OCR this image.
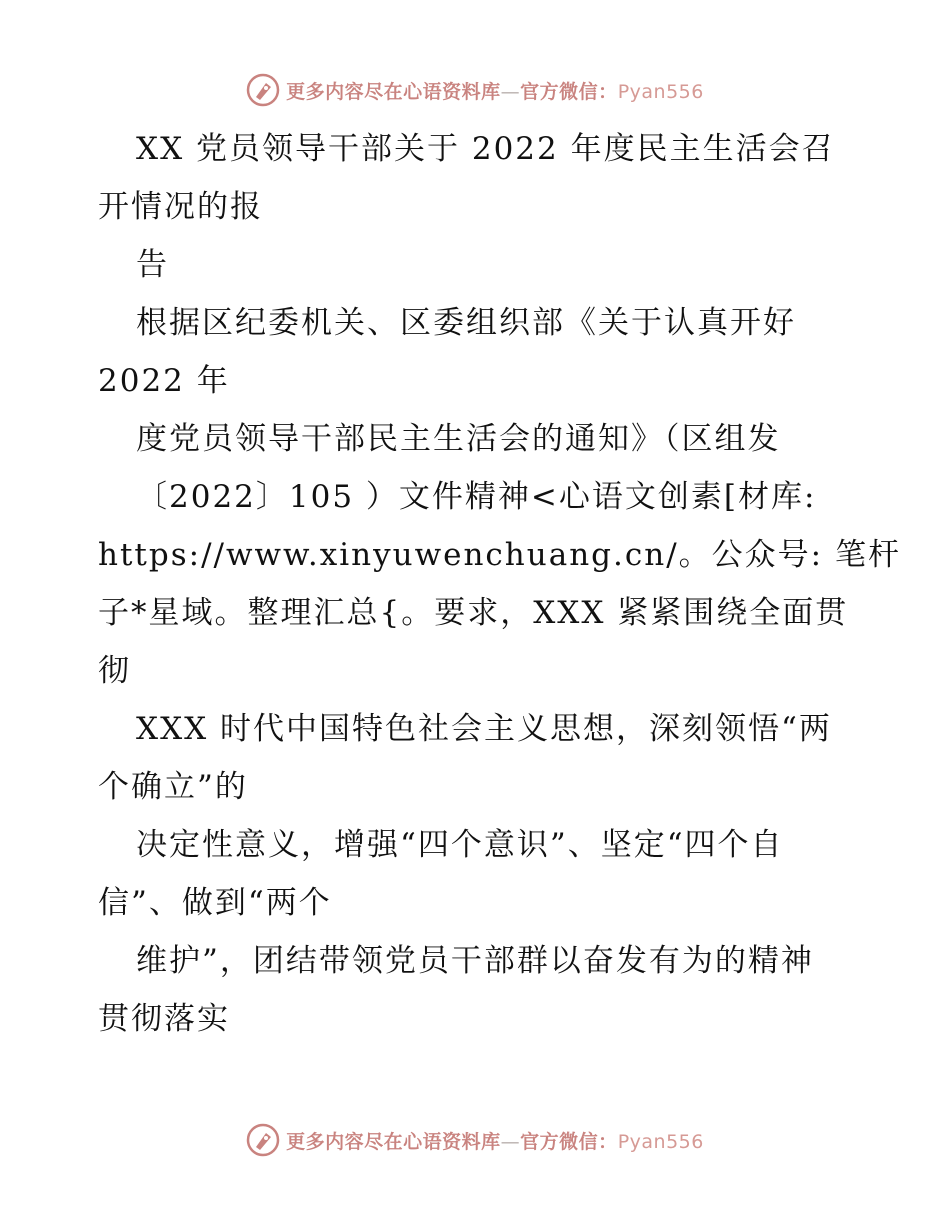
更多内容尽在心语资料库—官方微信：Pyan556
XX 党员领导干部关于 2022 年度民主生活会召
开情况的报
告
根据区纪委机关、区委组织部《关于认真开好
2022 年
度党员领导干部民主生活会的通知》（区组发
〔2022〕105 ）文件精神<心语文创素[材库:
https://www.xinyuwenchuang.cn/。公众号: 笔杆
子*星域。整理汇总{。要求，XXX 紧紧围绕全面贯
彻
XXX 时代中国特色社会主义思想，深刻领悟“两
个确立”的
决定性意义，增强“四个意识”、坚定“四个自
信”、做到“两个
维护”，团结带领党员干部群以奋发有为的精神
贯彻落实
更多内容尽在心语资料库—官方微信：Pyan556
